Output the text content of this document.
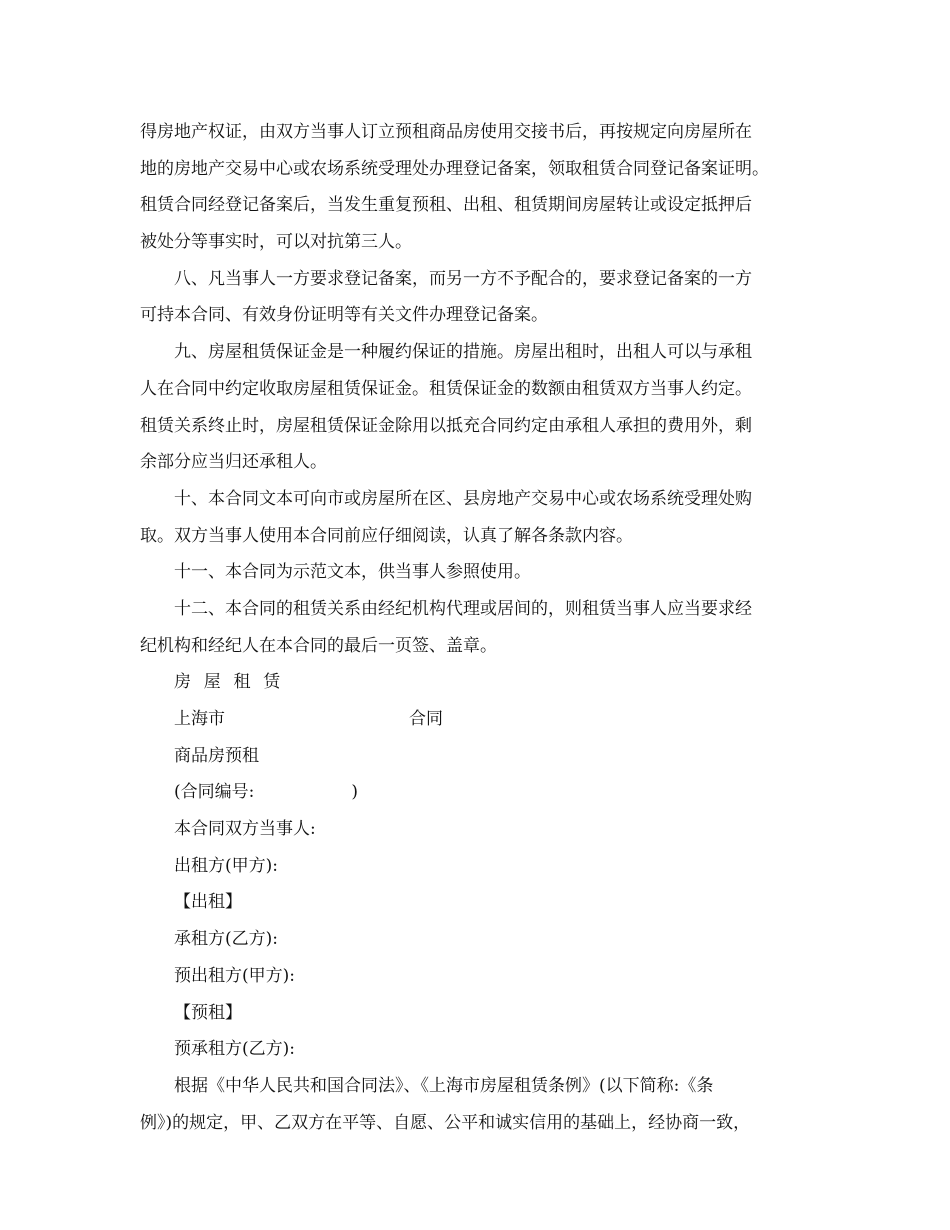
得房地产权证，由双方当事人订立预租商品房使用交接书后，再按规定向房屋所在
地的房地产交易中心或农场系统受理处办理登记备案，领取租赁合同登记备案证明。
租赁合同经登记备案后，当发生重复预租、出租、租赁期间房屋转让或设定抵押后
被处分等事实时，可以对抗第三人。
八、凡当事人一方要求登记备案，而另一方不予配合的，要求登记备案的一方
可持本合同、有效身份证明等有关文件办理登记备案。
九、房屋租赁保证金是一种履约保证的措施。房屋出租时，出租人可以与承租
人在合同中约定收取房屋租赁保证金。租赁保证金的数额由租赁双方当事人约定。
租赁关系终止时，房屋租赁保证金除用以抵充合同约定由承租人承担的费用外，剩
余部分应当归还承租人。
十、本合同文本可向市或房屋所在区、县房地产交易中心或农场系统受理处购
取。双方当事人使用本合同前应仔细阅读，认真了解各条款内容。
十一、本合同为示范文本，供当事人参照使用。
十二、本合同的租赁关系由经纪机构代理或居间的，则租赁当事人应当要求经
纪机构和经纪人在本合同的最后一页签、盖章。
房屋租赁
上海市	合同
商品房预租
(合同编号:	)
本合同双方当事人:
出租方(甲方):
【出租】
承租方(乙方):
预出租方(甲方):
【预租】
预承租方(乙方):
根据《中华人民共和国合同法》、《上海市房屋租赁条例》(以下简称:《条
例》)的规定，甲、乙双方在平等、自愿、公平和诚实信用的基础上，经协商一致，
